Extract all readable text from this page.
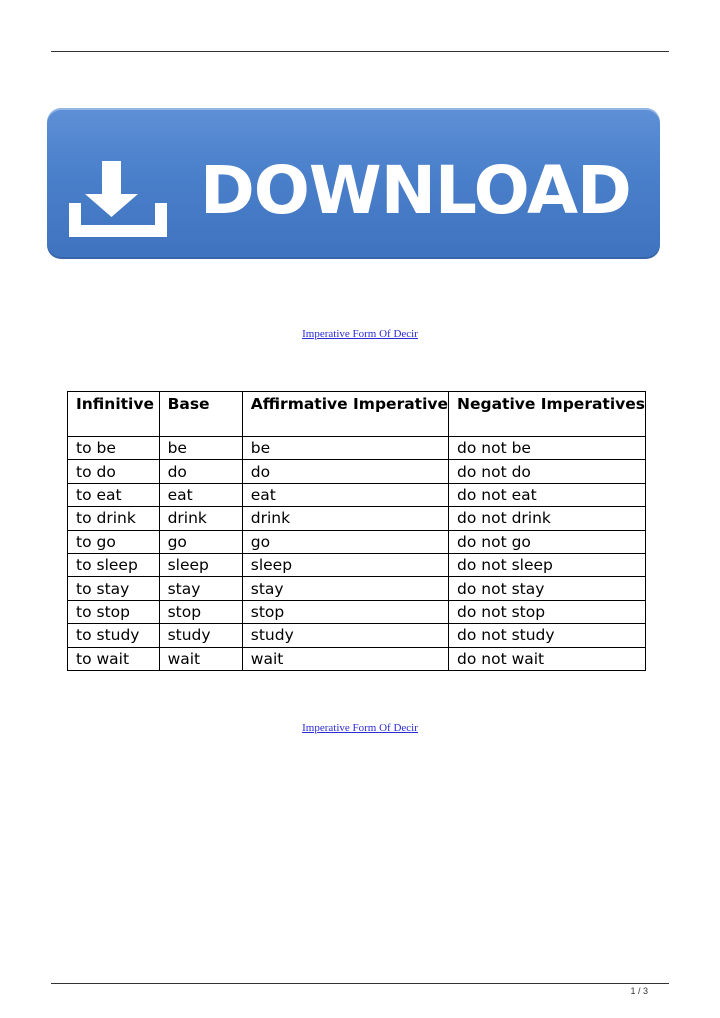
DOWNLOAD
Imperative Form Of Decir
Infinitive	Base	Affirmative Imperative	Negative Imperatives
to be	be	be	do not be
to do	do	do	do not do
to eat	eat	eat	do not eat
to drink	drink	drink	do not drink
to go	go	go	do not go
to sleep	sleep	sleep	do not sleep
to stay	stay	stay	do not stay
to stop	stop	stop	do not stop
to study	study	study	do not study
to wait	wait	wait	do not wait
Imperative Form Of Decir
1 / 3
